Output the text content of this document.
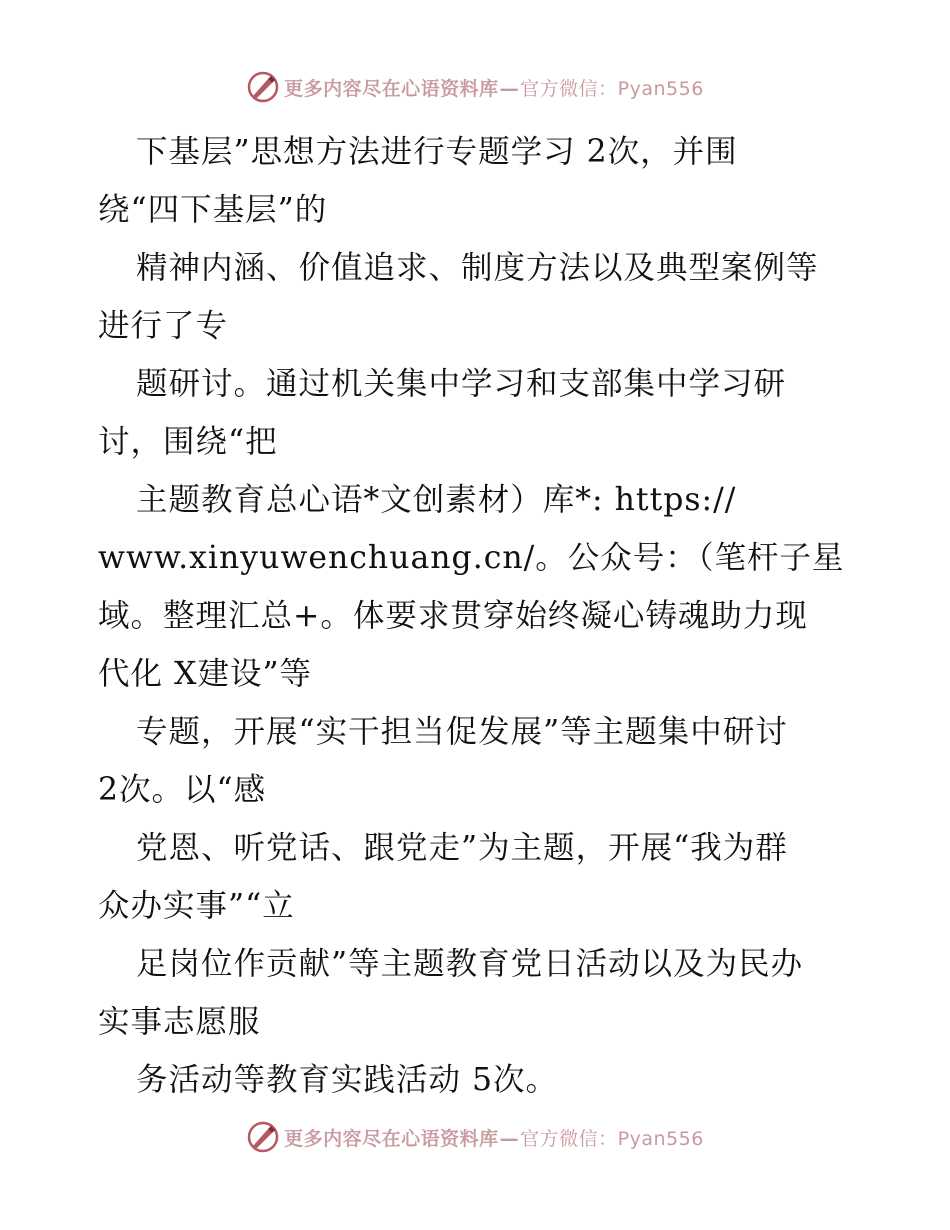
更多内容尽在心语资料库—官方微信：Pyan556
下基层”思想方法进行专题学习 2次，并围
绕“四下基层”的
精神内涵、价值追求、制度方法以及典型案例等
进行了专
题研讨。通过机关集中学习和支部集中学习研
讨，围绕“把
主题教育总心语*文创素材）库*: https://
www.xinyuwenchuang.cn/。公众号：（笔杆子星
域。整理汇总+。体要求贯穿始终凝心铸魂助力现
代化 X建设”等
专题，开展“实干担当促发展”等主题集中研讨
2次。以“感
党恩、听党话、跟党走”为主题，开展“我为群
众办实事”“立
足岗位作贡献”等主题教育党日活动以及为民办
实事志愿服
务活动等教育实践活动 5次。
更多内容尽在心语资料库—官方微信：Pyan556
